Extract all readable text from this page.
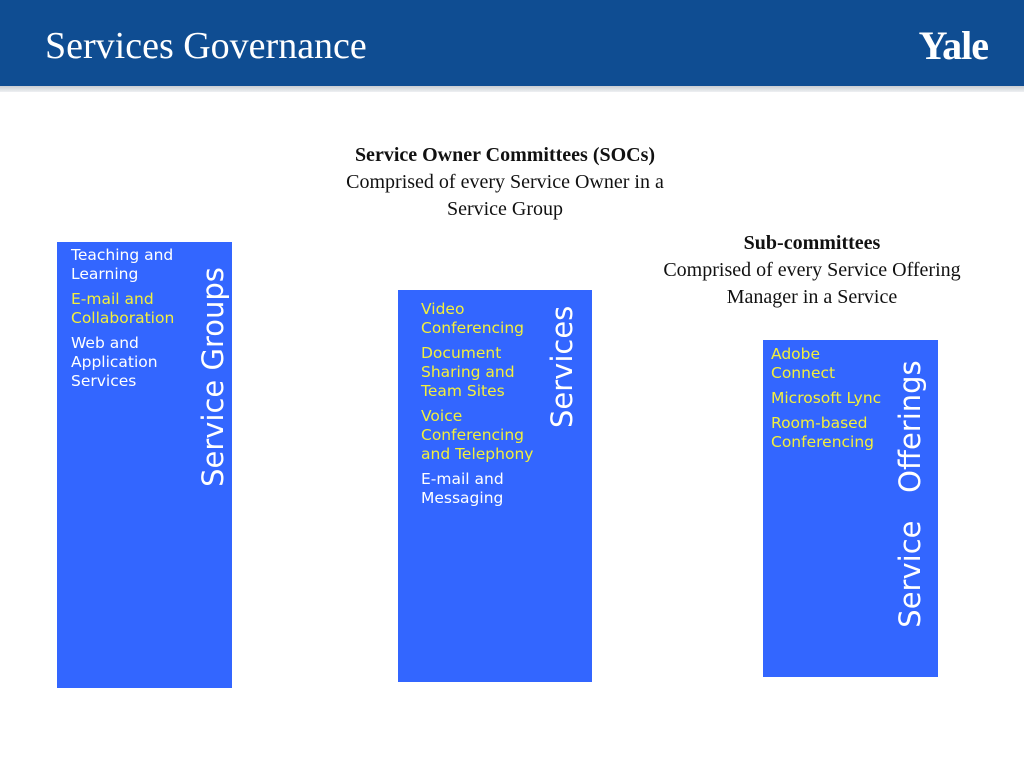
Services Governance	Yale
Service Owner Committees (SOCs)
Comprised of every Service Owner in a
Service Group
Sub-committees
Comprised of every Service Offering
Manager in a Service
Teaching and Learning
E-mail and Collaboration
Web and Application Services	Service Groups	Video Conferencing
Document Sharing and Team Sites
Voice Conferencing and Telephony
E-mail and Messaging
Services	Adobe Connect
Microsoft Lync
Room-based Conferencing Service   Offerings
